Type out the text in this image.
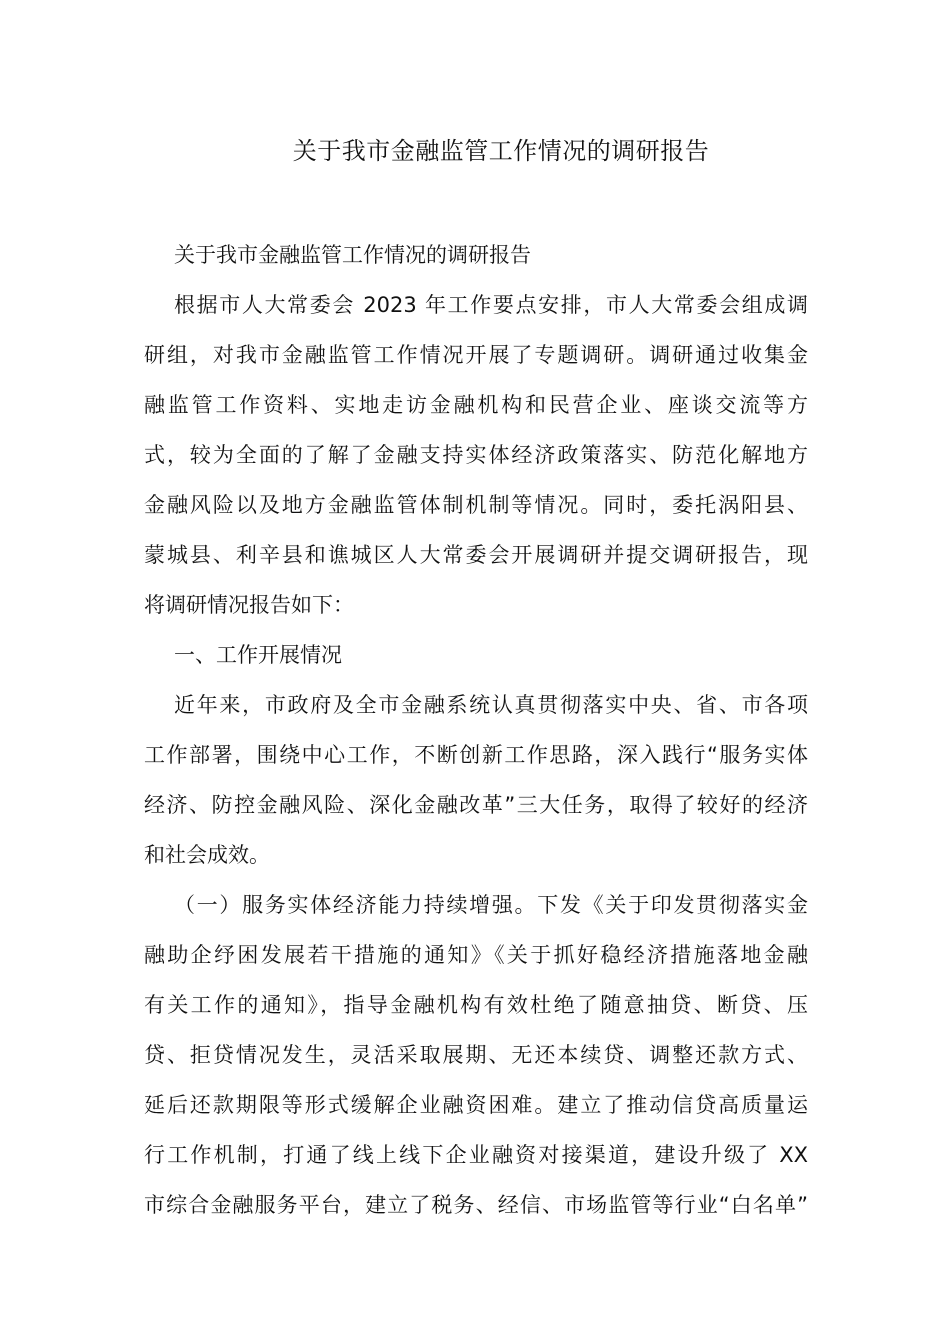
关于我市金融监管工作情况的调研报告
关于我市金融监管工作情况的调研报告
根据市人大常委会 2023 年工作要点安排，市人大常委会组成调
研组，对我市金融监管工作情况开展了专题调研。调研通过收集金
融监管工作资料、实地走访金融机构和民营企业、座谈交流等方
式，较为全面的了解了金融支持实体经济政策落实、防范化解地方
金融风险以及地方金融监管体制机制等情况。同时，委托涡阳县、
蒙城县、利辛县和谯城区人大常委会开展调研并提交调研报告，现
将调研情况报告如下：
一、工作开展情况
近年来，市政府及全市金融系统认真贯彻落实中央、省、市各项
工作部署，围绕中心工作，不断创新工作思路，深入践行“服务实体
经济、防控金融风险、深化金融改革”三大任务，取得了较好的经济
和社会成效。
（一）服务实体经济能力持续增强。下发《关于印发贯彻落实金
融助企纾困发展若干措施的通知》《关于抓好稳经济措施落地金融
有关工作的通知》，指导金融机构有效杜绝了随意抽贷、断贷、压
贷、拒贷情况发生，灵活采取展期、无还本续贷、调整还款方式、
延后还款期限等形式缓解企业融资困难。建立了推动信贷高质量运
行工作机制，打通了线上线下企业融资对接渠道，建设升级了 XX
市综合金融服务平台，建立了税务、经信、市场监管等行业“白名单”
